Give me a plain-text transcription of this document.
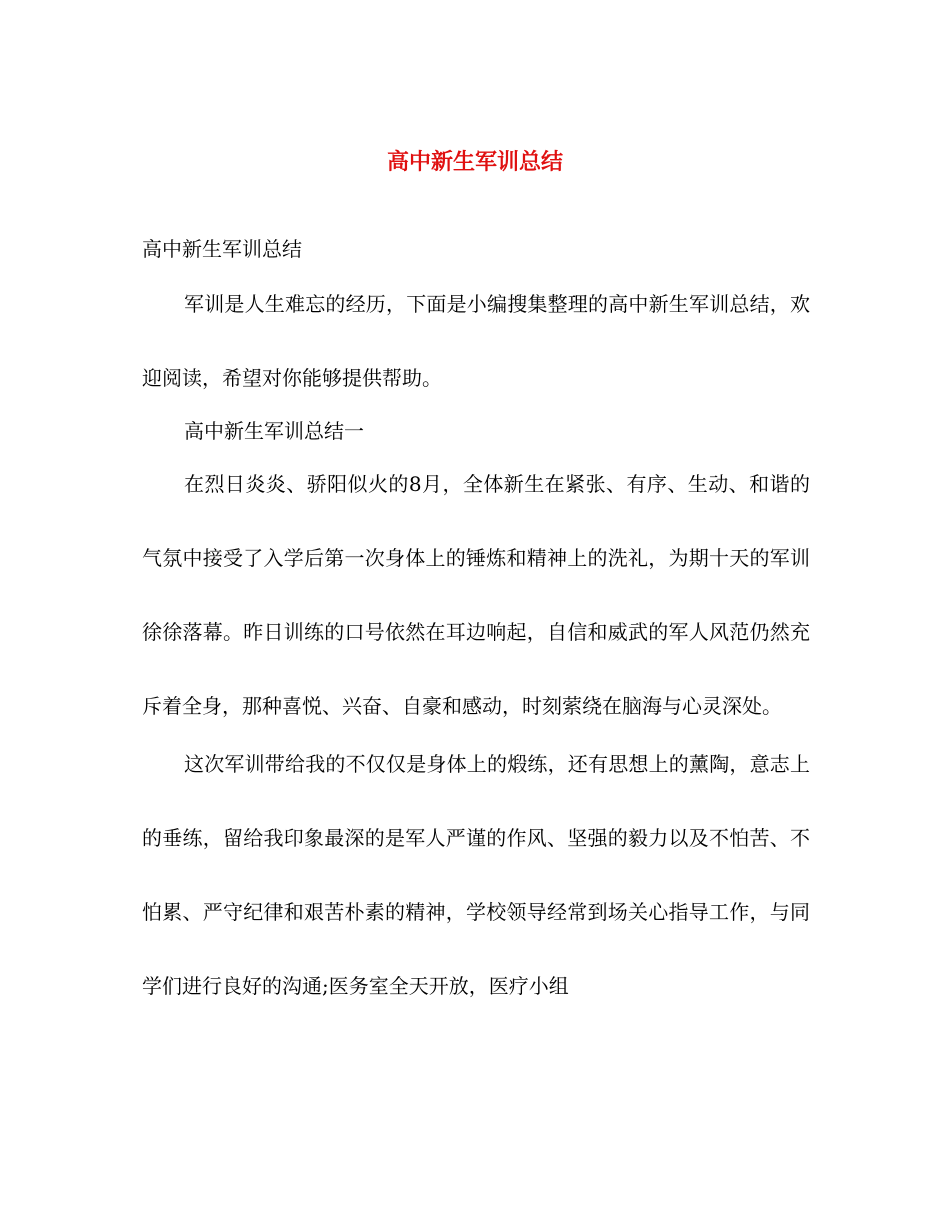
高中新生军训总结

高中新生军训总结

军训是人生难忘的经历，下面是小编搜集整理的高中新生军训总结，欢迎阅读，希望对你能够提供帮助。

高中新生军训总结一

在烈日炎炎、骄阳似火的8月，全体新生在紧张、有序、生动、和谐的气氛中接受了入学后第一次身体上的锤炼和精神上的洗礼，为期十天的军训徐徐落幕。昨日训练的口号依然在耳边响起，自信和威武的军人风范仍然充斥着全身，那种喜悦、兴奋、自豪和感动，时刻萦绕在脑海与心灵深处。

这次军训带给我的不仅仅是身体上的煅练，还有思想上的薰陶，意志上的垂练，留给我印象最深的是军人严谨的作风、坚强的毅力以及不怕苦、不怕累、严守纪律和艰苦朴素的精神，学校领导经常到场关心指导工作，与同学们进行良好的沟通;医务室全天开放，医疗小组
